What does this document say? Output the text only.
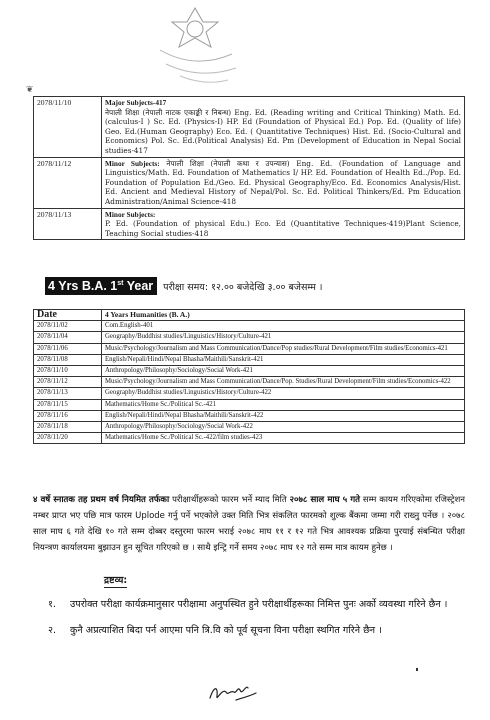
❦
2078/11/10	Major Subjects-417
नेपाली शिक्षा (नेपाली नाटक एकाङ्की र निबन्ध) Eng. Ed. (Reading writing and Critical Thinking) Math. Ed. (calculus-I ) Sc. Ed. (Physics-I) HP. Ed (Foundation of Physical Ed.) Pop. Ed. (Quality of life) Geo. Ed.(Human Geography) Eco. Ed. ( Quantitative Techniques) Hist. Ed. (Socio-Cultural and Economics) Pol. Sc. Ed.(Political Analysis) Ed. Pm (Development of Education in Nepal Social studies-417
2078/11/12	Minor Subjects: नेपाली शिक्षा (नेपाली कथा र उपन्यास) Eng. Ed. (Foundation of Language and Linguistics/Math. Ed. Foundation of Mathematics I/ HP. Ed. Foundation of Health Ed../Pop. Ed. Foundation of Population Ed./Geo. Ed. Physical Geography/Eco. Ed. Economics Analysis/Hist. Ed. Ancient and Medieval History of Nepal/Pol. Sc. Ed. Political Thinkers/Ed. Pm Education Administration/Animal Science-418
2078/11/13	Minor Subjects:
P. Ed. (Foundation of physical Edu.) Eco. Ed (Quantitative Techniques-419)Plant Science, Teaching Social studies-418
4 Yrs B.A. 1st Year	परीक्षा समय: १२.०० बजेदेखि ३.०० बजेसम्म ।
Date	4 Years Humanities (B. A.)
2078/11/02	Com.English-401
2078/11/04	Geography/Buddhist studies/Linguistics/History/Culture-421
2078/11/06	Music/Psychology/Journalism and Mass Communication/Dance/Pop studies/Rural Development/Film studies/Economics-421
2078/11/08	English/Nepali/Hindi/Nepal Bhasha/Maithili/Sanskrit-421
2078/11/10	Anthropology/Philosophy/Sociology/Social Work-421
2078/11/12	Music/Psychology/Journalism and Mass Communication/Dance/Pop. Studies/Rural Development/Film studies/Economics-422
2078/11/13	Geography/Buddhist studies/Linguistics/History/Culture-422
2078/11/15	Mathematics/Home Sc./Political Sc.-421
2078/11/16	English/Nepali/Hindi/Nepal Bhasha/Maithili/Sanskrit-422
2078/11/18	Anthropology/Philosophy/Sociology/Social Work-422
2078/11/20	Mathematics/Home Sc./Political Sc.-422/film studies-423

४ वर्षे स्नातक तह प्रथम वर्ष नियमित तर्फका परीक्षार्थीहरूको फारम भर्ने म्याद मिति २०७८ साल माघ ५ गते सम्म कायम गरिएकोमा रजिस्ट्रेशन नम्बर प्राप्त भए पछि मात्र फारम Uplode गर्नु पर्ने भएकोले उक्त मिति भित्र संकलित फारमको शुल्क बैंकमा जम्मा गरी राख्नु पर्नेछ । २०७८ साल माघ ६ गते देखि १० गते सम्म दोब्बर दस्तुरमा फारम भराई २०७८ माघ ११ र १२ गते भित्र आवश्यक प्रक्रिया पुरयाई संबन्धित परीक्षा नियन्त्रण कार्यालयमा बुझाउन हुन सूचित गरिएको छ । साथै इन्ट्रि गर्ने समय २०७८ माघ १२ गते सम्म मात्र कायम हुनेछ ।

द्रष्टव्य:
१.	उपरोक्त परीक्षा कार्यक्रमानुसार परीक्षामा अनुपस्थित हुने परीक्षार्थीहरूका निमित्त पुनः अर्को व्यवस्था गरिने छैन ।
२.	कुनै अप्रत्याशित बिदा पर्न आएमा पनि त्रि.वि को पूर्व सूचना विना परीक्षा स्थगित गरिने छैन ।
